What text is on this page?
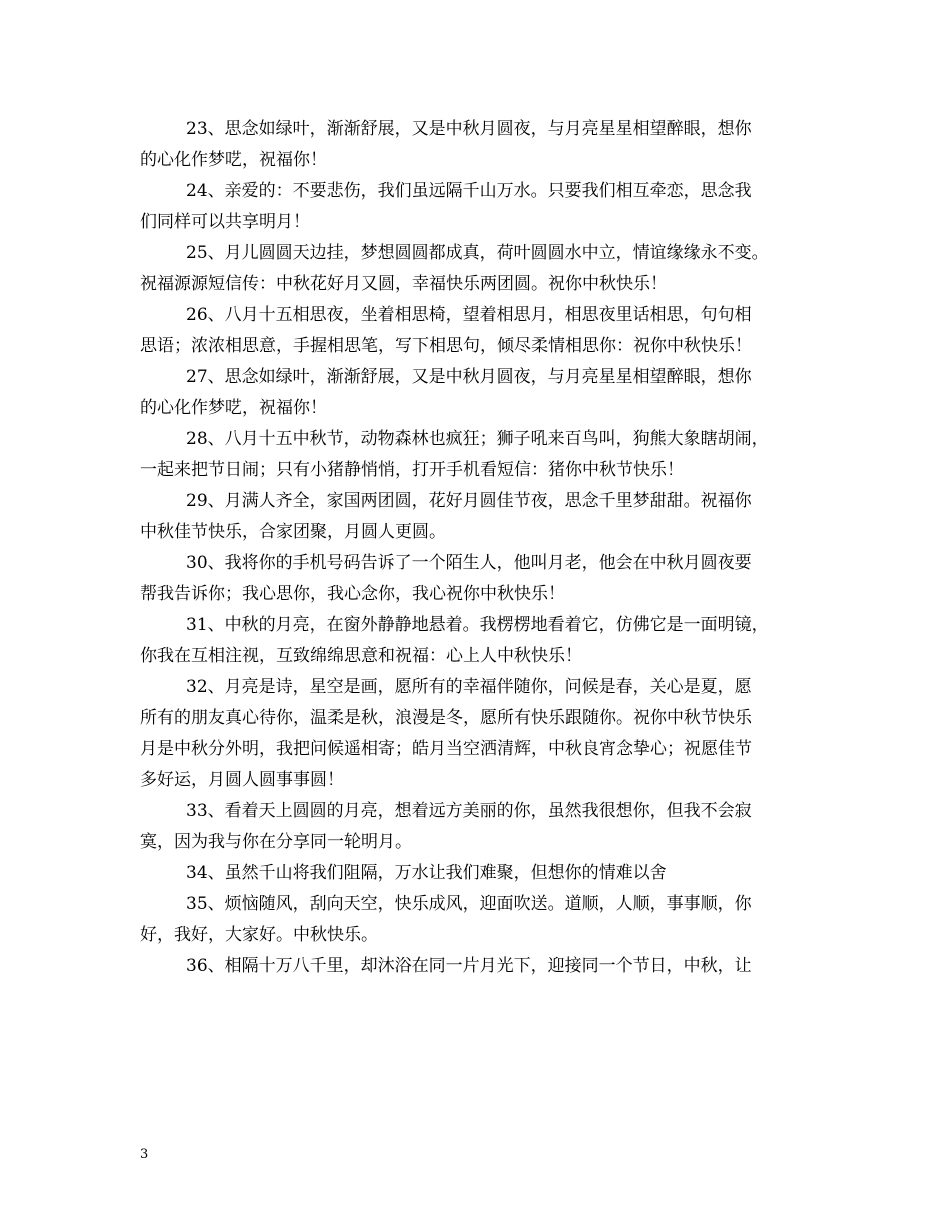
23、思念如绿叶，渐渐舒展，又是中秋月圆夜，与月亮星星相望醉眼，想你
的心化作梦呓，祝福你！
24、亲爱的：不要悲伤，我们虽远隔千山万水。只要我们相互牵恋，思念我
们同样可以共享明月！
25、月儿圆圆天边挂，梦想圆圆都成真，荷叶圆圆水中立，情谊缘缘永不变。
祝福源源短信传：中秋花好月又圆，幸福快乐两团圆。祝你中秋快乐！
26、八月十五相思夜，坐着相思椅，望着相思月，相思夜里话相思，句句相
思语；浓浓相思意，手握相思笔，写下相思句，倾尽柔情相思你：祝你中秋快乐！
27、思念如绿叶，渐渐舒展，又是中秋月圆夜，与月亮星星相望醉眼，想你
的心化作梦呓，祝福你！
28、八月十五中秋节，动物森林也疯狂；狮子吼来百鸟叫，狗熊大象瞎胡闹，
一起来把节日闹；只有小猪静悄悄，打开手机看短信：猪你中秋节快乐！
29、月满人齐全，家国两团圆，花好月圆佳节夜，思念千里梦甜甜。祝福你
中秋佳节快乐，合家团聚，月圆人更圆。
30、我将你的手机号码告诉了一个陌生人，他叫月老，他会在中秋月圆夜要
帮我告诉你；我心思你，我心念你，我心祝你中秋快乐！
31、中秋的月亮，在窗外静静地悬着。我楞楞地看着它，仿佛它是一面明镜，
你我在互相注视，互致绵绵思意和祝福：心上人中秋快乐！
32、月亮是诗，星空是画，愿所有的幸福伴随你，问候是春，关心是夏，愿
所有的朋友真心待你，温柔是秋，浪漫是冬，愿所有快乐跟随你。祝你中秋节快乐
月是中秋分外明，我把问候遥相寄；皓月当空洒清辉，中秋良宵念挚心；祝愿佳节
多好运，月圆人圆事事圆！
33、看着天上圆圆的月亮，想着远方美丽的你，虽然我很想你，但我不会寂
寞，因为我与你在分享同一轮明月。
34、虽然千山将我们阻隔，万水让我们难聚，但想你的情难以舍
35、烦恼随风，刮向天空，快乐成风，迎面吹送。道顺，人顺，事事顺，你
好，我好，大家好。中秋快乐。
36、相隔十万八千里，却沐浴在同一片月光下，迎接同一个节日，中秋，让
3
